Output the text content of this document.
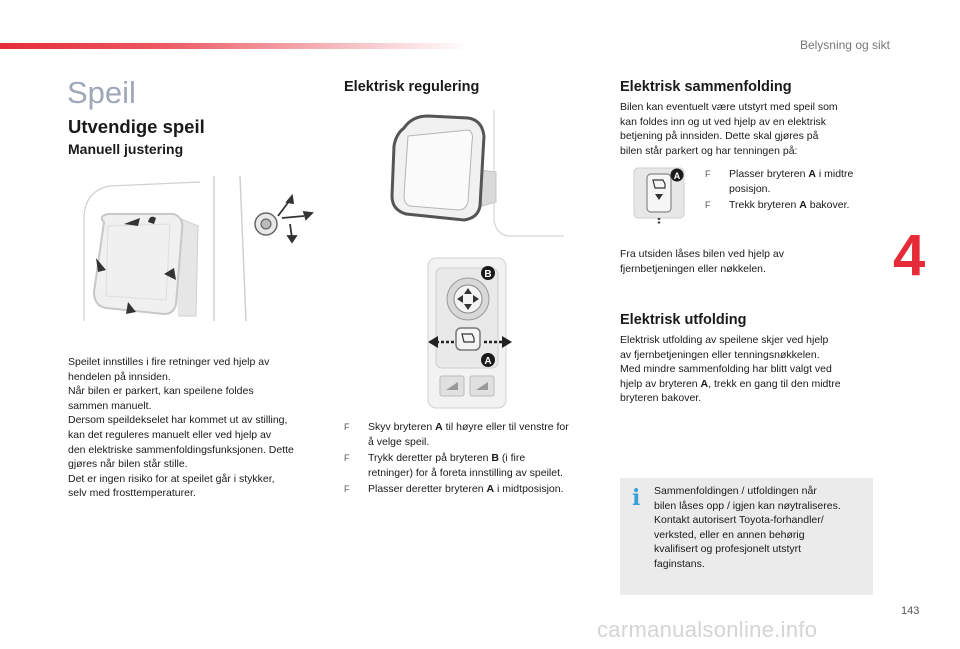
Belysning og sikt
Speil
Utvendige speil
Manuell justering

Speilet innstilles i fire retninger ved hjelp av

hendelen på innsiden.

Når bilen er parkert, kan speilene foldes

sammen manuelt.

Dersom speildekselet har kommet ut av stilling,

kan det reguleres manuelt eller ved hjelp av

den elektriske sammenfoldingsfunksjonen. Dette

gjøres når bilen står stille.

Det er ingen risiko for at speilet går i stykker,

selv med frosttemperaturer.

Elektrisk regulering
B
A
F Skyv bryteren A til høyre eller til venstre for
å velge speil.
F Trykk deretter på bryteren B (i fire
retninger) for å foreta innstilling av speilet.
F Plasser deretter bryteren A i midtposisjon.
Elektrisk sammenfolding

Bilen kan eventuelt være utstyrt med speil som

kan foldes inn og ut ved hjelp av en elektrisk

betjening på innsiden. Dette skal gjøres på

bilen står parkert og har tenningen på:

A	F Plasser bryteren A i midtre
posisjon.
F Trekk bryteren A bakover.

Fra utsiden låses bilen ved hjelp av

fjernbetjeningen eller nøkkelen.

Elektrisk utfolding

Elektrisk utfolding av speilene skjer ved hjelp

av fjernbetjeningen eller tenningsnøkkelen.

Med mindre sammenfolding har blitt valgt ved

hjelp av bryteren A, trekk en gang til den midtre

bryteren bakover.

i	Sammenfoldingen / utfoldingen når

bilen låses opp / igjen kan nøytraliseres.

Kontakt autorisert Toyota-forhandler/

verksted, eller en annen behørig

kvalifisert og profesjonelt utstyrt

faginstans.

4
143
carmanualsonline.info
